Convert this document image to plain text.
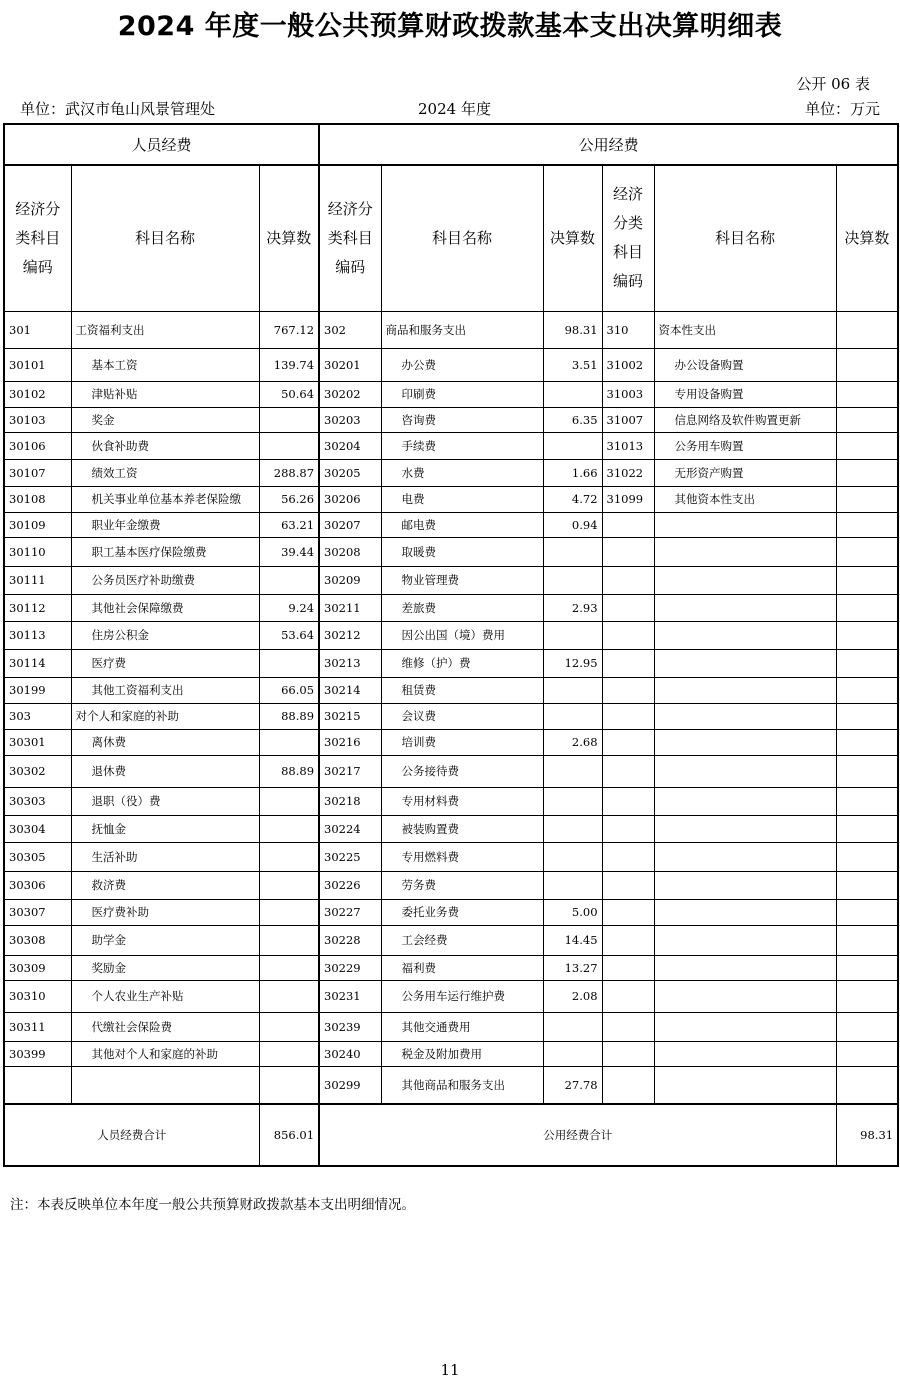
2024 年度一般公共预算财政拨款基本支出决算明细表
公开 06 表
单位：武汉市龟山风景管理处	2024 年度	单位：万元
人员经费			公用经费					
经济分类科目编码	科目名称	决算数	经济分类科目编码	科目名称	决算数	经济分类科目编码	科目名称	决算数
301	工资福利支出	767.12	302	商品和服务支出	98.31	310	资本性支出	
30101	基本工资	139.74	30201	办公费	3.51	31002	办公设备购置	
30102	津贴补贴	50.64	30202	印刷费		31003	专用设备购置	
30103	奖金		30203	咨询费	6.35	31007	信息网络及软件购置更新	
30106	伙食补助费		30204	手续费		31013	公务用车购置	
30107	绩效工资	288.87	30205	水费	1.66	31022	无形资产购置	
30108	机关事业单位基本养老保险缴	56.26	30206	电费	4.72	31099	其他资本性支出	
30109	职业年金缴费	63.21	30207	邮电费	0.94			
30110	职工基本医疗保险缴费	39.44	30208	取暖费				
30111	公务员医疗补助缴费		30209	物业管理费				
30112	其他社会保障缴费	9.24	30211	差旅费	2.93			
30113	住房公积金	53.64	30212	因公出国（境）费用				
30114	医疗费		30213	维修（护）费	12.95			
30199	其他工资福利支出	66.05	30214	租赁费				
303	对个人和家庭的补助	88.89	30215	会议费				
30301	离休费		30216	培训费	2.68			
30302	退休费	88.89	30217	公务接待费				
30303	退职（役）费		30218	专用材料费				
30304	抚恤金		30224	被装购置费				
30305	生活补助		30225	专用燃料费				
30306	救济费		30226	劳务费				
30307	医疗费补助		30227	委托业务费	5.00			
30308	助学金		30228	工会经费	14.45			
30309	奖励金		30229	福利费	13.27			
30310	个人农业生产补贴		30231	公务用车运行维护费	2.08			
30311	代缴社会保险费		30239	其他交通费用				
30399	其他对个人和家庭的补助		30240	税金及附加费用				
			30299	其他商品和服务支出	27.78			
人员经费合计		856.01	公用经费合计					98.31
注：本表反映单位本年度一般公共预算财政拨款基本支出明细情况。
11
